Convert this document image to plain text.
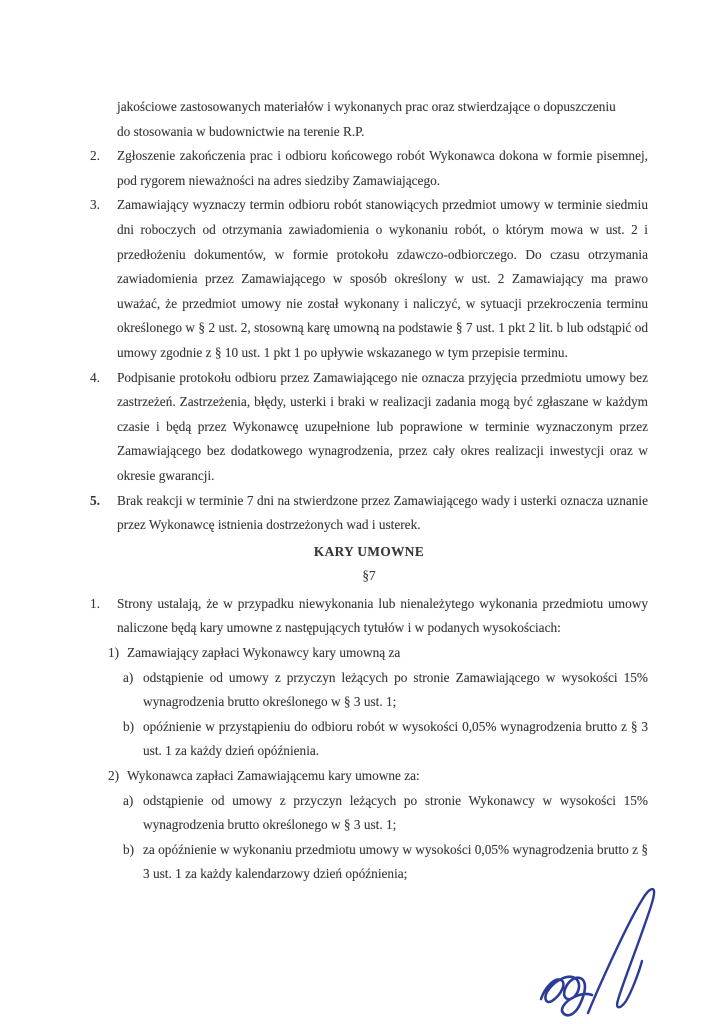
jakościowe zastosowanych materiałów i wykonanych prac oraz stwierdzające o dopuszczeniu
do stosowania w budownictwie na terenie R.P.
2.	Zgłoszenie zakończenia prac i odbioru końcowego robót Wykonawca dokona w formie pisemnej, pod rygorem nieważności na adres siedziby Zamawiającego.
3.	Zamawiający wyznaczy termin odbioru robót stanowiących przedmiot umowy w terminie siedmiu dni roboczych od otrzymania zawiadomienia o wykonaniu robót, o którym mowa w ust. 2 i przedłożeniu dokumentów, w formie protokołu zdawczo-odbiorczego. Do czasu otrzymania zawiadomienia przez Zamawiającego w sposób określony w ust. 2 Zamawiający ma prawo uważać, że przedmiot umowy nie został wykonany i naliczyć, w sytuacji przekroczenia terminu określonego w § 2 ust. 2, stosowną karę umowną na podstawie § 7 ust. 1 pkt 2 lit. b lub odstąpić od umowy zgodnie z § 10 ust. 1 pkt 1 po upływie wskazanego w tym przepisie terminu.
4.	Podpisanie protokołu odbioru przez Zamawiającego nie oznacza przyjęcia przedmiotu umowy bez zastrzeżeń. Zastrzeżenia, błędy, usterki i braki w realizacji zadania mogą być zgłaszane w każdym czasie i będą przez Wykonawcę uzupełnione lub poprawione w terminie wyznaczonym przez Zamawiającego bez dodatkowego wynagrodzenia, przez cały okres realizacji inwestycji oraz w okresie gwarancji.
5.	Brak reakcji w terminie 7 dni na stwierdzone przez Zamawiającego wady i usterki oznacza uznanie przez Wykonawcę istnienia dostrzeżonych wad i usterek.
KARY UMOWNE
§7
1.	Strony ustalają, że w przypadku niewykonania lub nienależytego wykonania przedmiotu umowy naliczone będą kary umowne z następujących tytułów i w podanych wysokościach:
1) Zamawiający zapłaci Wykonawcy kary umowną za
a) odstąpienie od umowy z przyczyn leżących po stronie Zamawiającego w wysokości 15% wynagrodzenia brutto określonego w § 3 ust. 1;
b) opóźnienie w przystąpieniu do odbioru robót w wysokości 0,05% wynagrodzenia brutto z § 3 ust. 1 za każdy dzień opóźnienia.
2) Wykonawca zapłaci Zamawiającemu kary umowne za:
a) odstąpienie od umowy z przyczyn leżących po stronie Wykonawcy w wysokości 15% wynagrodzenia brutto określonego w § 3 ust. 1;
b) za opóźnienie w wykonaniu przedmiotu umowy w wysokości 0,05% wynagrodzenia brutto z § 3 ust. 1 za każdy kalendarzowy dzień opóźnienia;
